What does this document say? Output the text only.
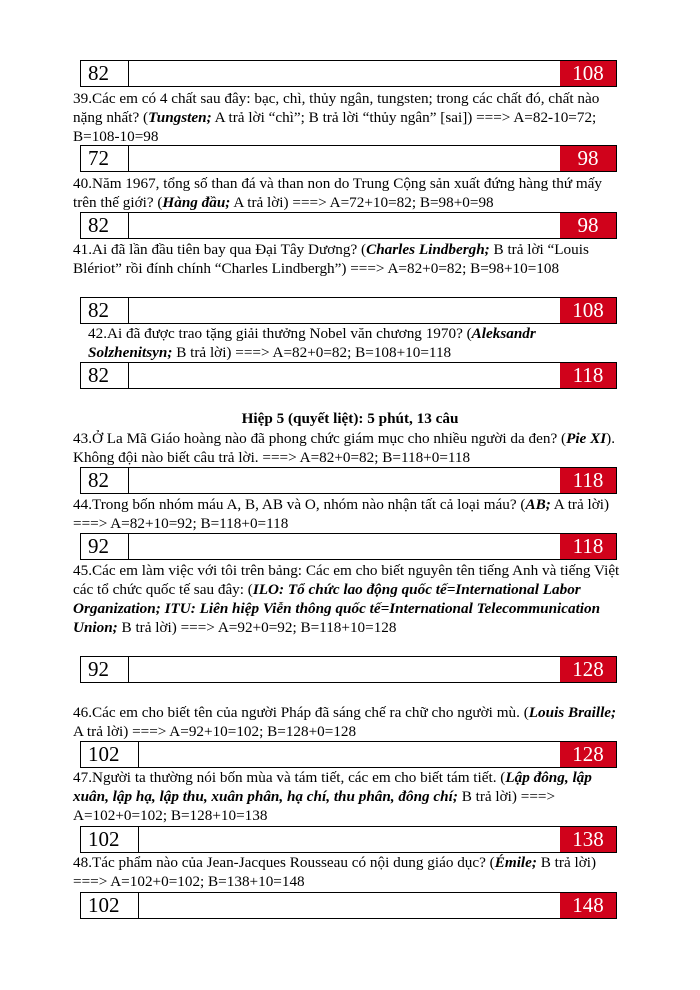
82	108
39.Các em có 4 chất sau đây: bạc, chì, thủy ngân, tungsten; trong các chất đó, chất nào nặng nhất? (Tungsten; A trả lời “chì”; B trả lời “thủy ngân” [sai]) ===> A=82-10=72; B=108-10=98
72	98
40.Năm 1967, tổng số than đá và than non do Trung Cộng sản xuất đứng hàng thứ mấy trên thế giới? (Hàng đầu; A trả lời) ===> A=72+10=82; B=98+0=98
82	98
41.Ai đã lần đầu tiên bay qua Đại Tây Dương? (Charles Lindbergh; B trả lời “Louis Blériot” rồi đính chính “Charles Lindbergh”) ===> A=82+0=82; B=98+10=108
82	108
42.Ai đã được trao tặng giải thưởng Nobel văn chương 1970? (Aleksandr Solzhenitsyn; B trả lời) ===> A=82+0=82; B=108+10=118
82	118
Hiệp 5 (quyết liệt): 5 phút, 13 câu
43.Ở La Mã Giáo hoàng nào đã phong chức giám mục cho nhiều người da đen? (Pie XI). Không đội nào biết câu trả lời. ===> A=82+0=82; B=118+0=118
82	118
44.Trong bốn nhóm máu A, B, AB và O, nhóm nào nhận tất cả loại máu? (AB; A trả lời) ===> A=82+10=92; B=118+0=118
92	118
45.Các em làm việc với tôi trên bảng: Các em cho biết nguyên tên tiếng Anh và tiếng Việt các tổ chức quốc tế sau đây: (ILO: Tổ chức lao động quốc tế=International Labor Organization; ITU: Liên hiệp Viễn thông quốc tế=International Telecommunication Union; B trả lời) ===> A=92+0=92; B=118+10=128
92	128
46.Các em cho biết tên của người Pháp đã sáng chế ra chữ cho người mù. (Louis Braille; A trả lời) ===> A=92+10=102; B=128+0=128
102	128
47.Người ta thường nói bốn mùa và tám tiết, các em cho biết tám tiết. (Lập đông, lập xuân, lập hạ, lập thu, xuân phân, hạ chí, thu phân, đông chí; B trả lời) ===> A=102+0=102; B=128+10=138
102	138
48.Tác phẩm nào của Jean-Jacques Rousseau có nội dung giáo dục? (Émile; B trả lời) ===> A=102+0=102; B=138+10=148
102	148
